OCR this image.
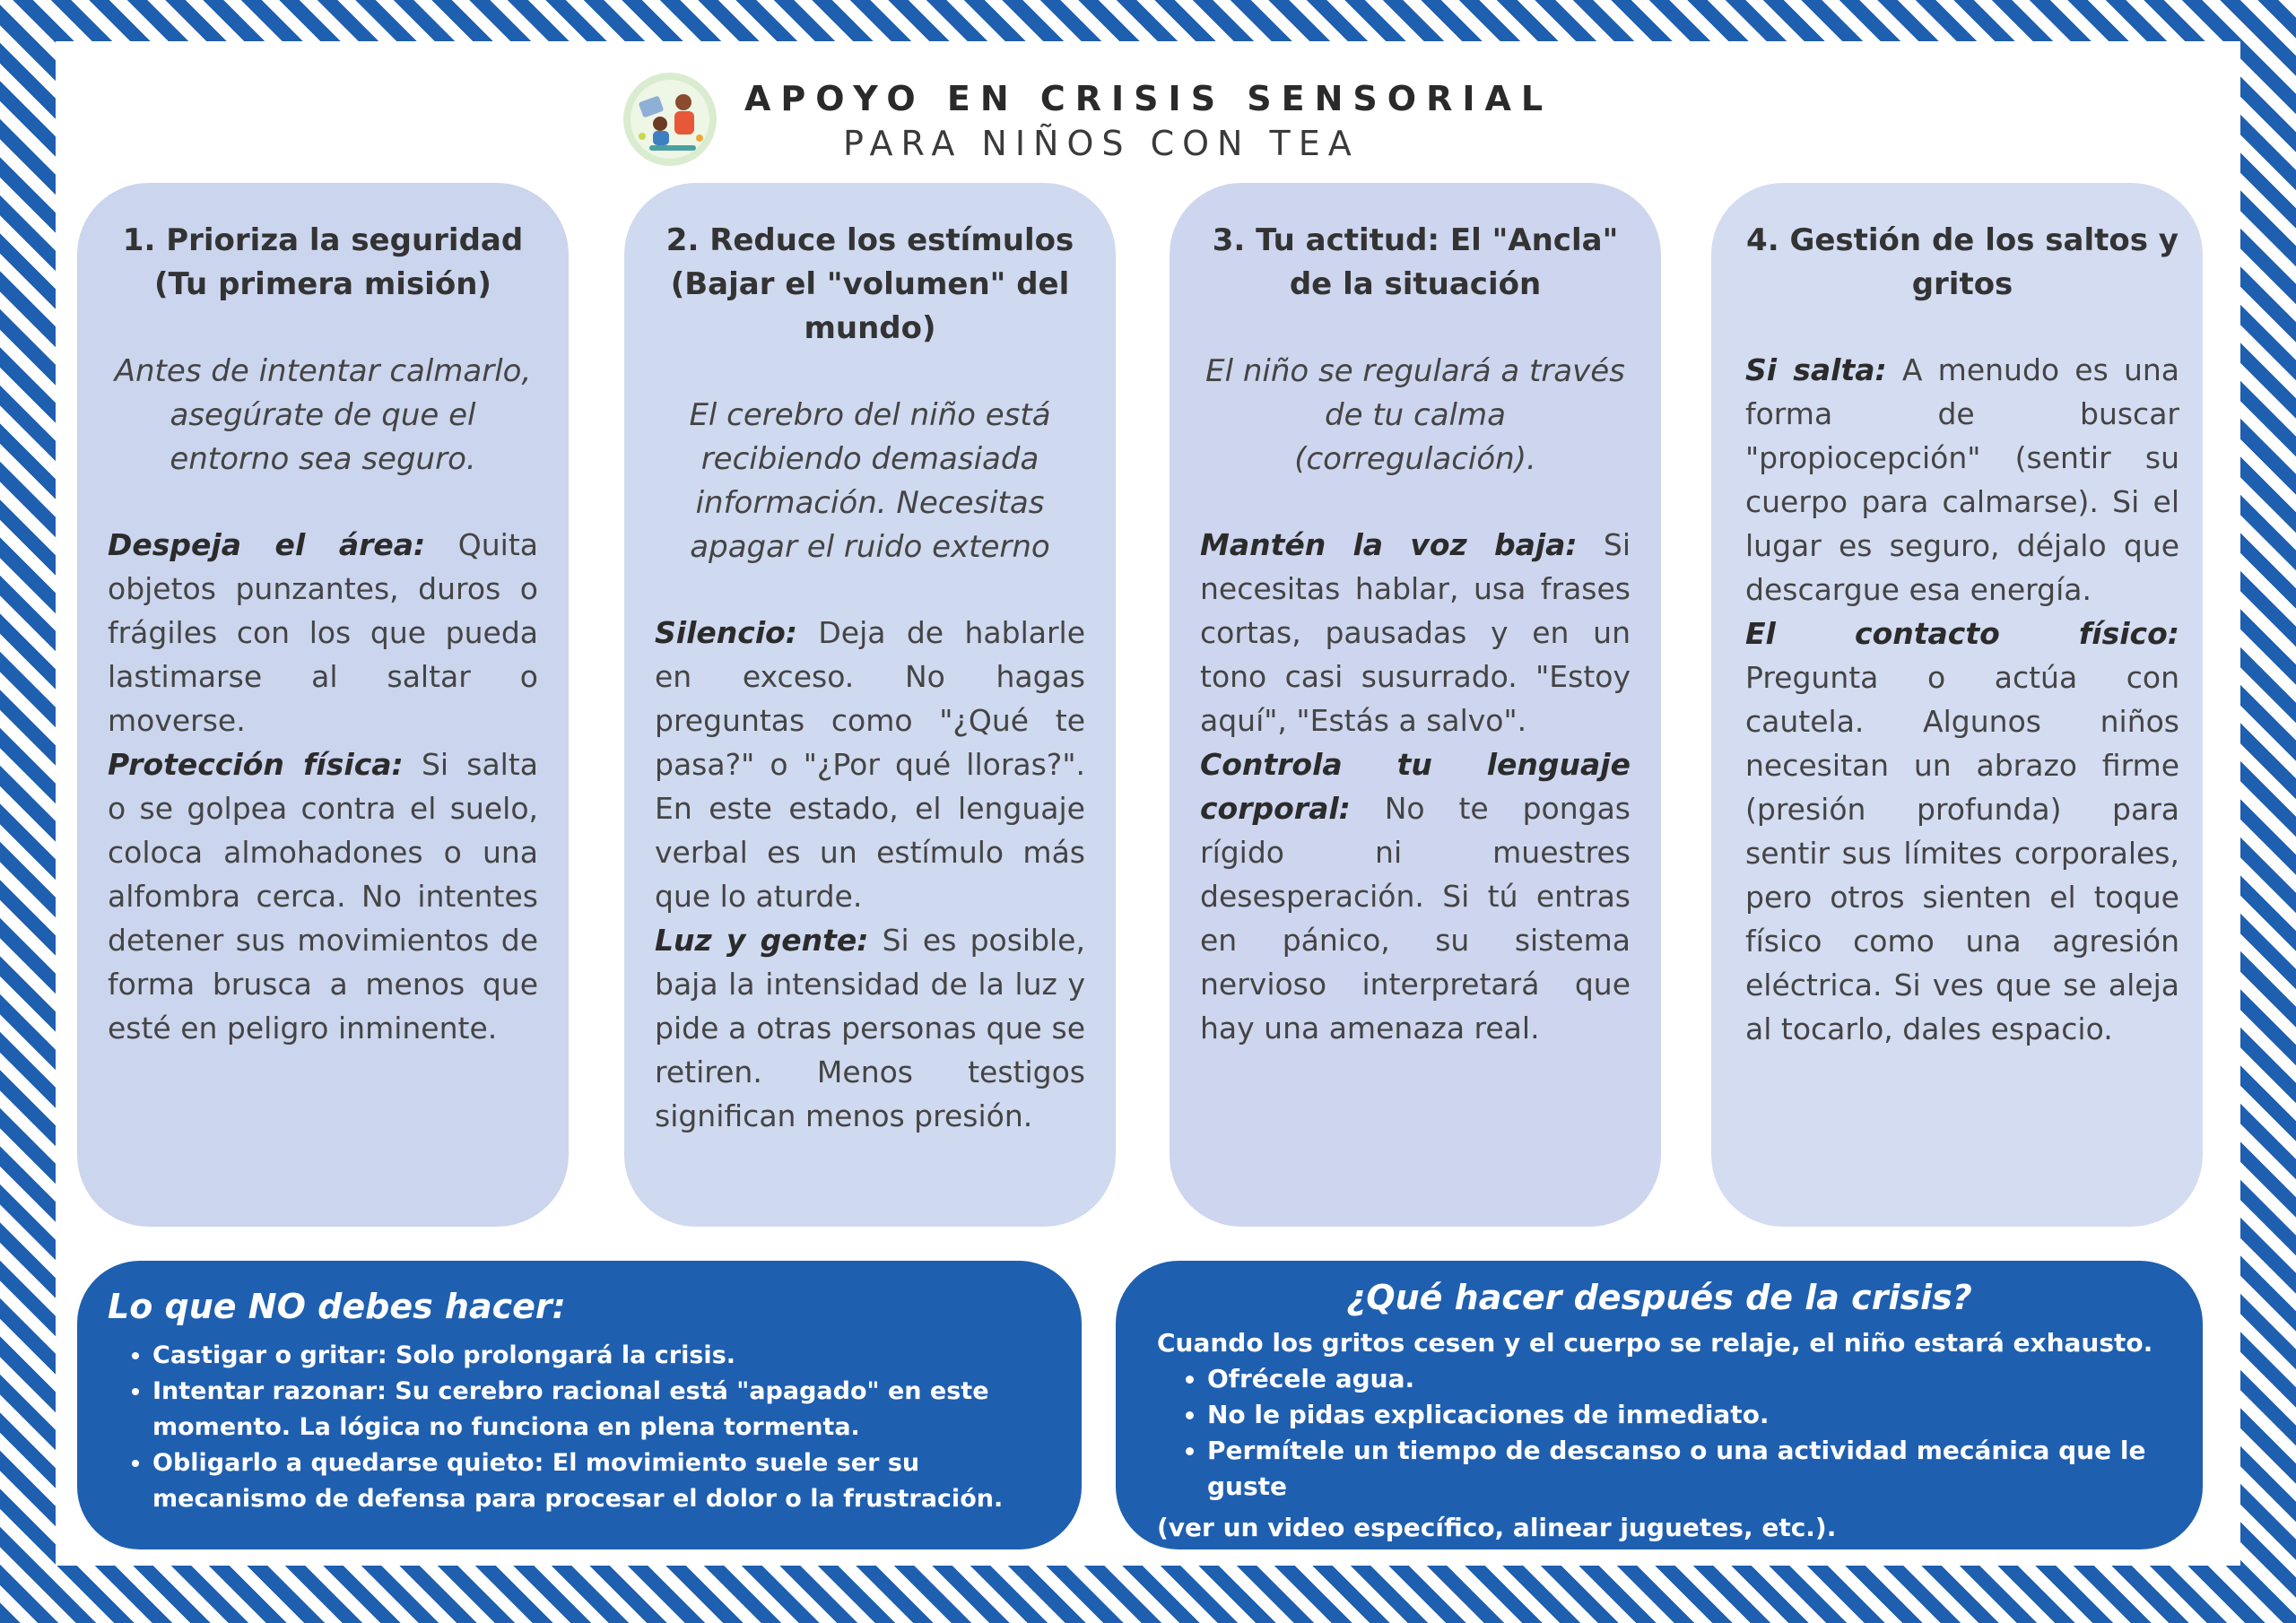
APOYO EN CRISIS SENSORIAL
PARA NIÑOS CON TEA
1. Prioriza la seguridad (Tu primera misión)
Antes de intentar calmarlo, asegúrate de que el entorno sea seguro.

Despeja el área: Quita objetos punzantes, duros o frágiles con los que pueda lastimarse al saltar o moverse.

Protección física: Si salta o se golpea contra el suelo, coloca almohadones o una alfombra cerca. No intentes detener sus movimientos de forma brusca a menos que esté en peligro inminente.

2. Reduce los estímulos (Bajar el "volumen" del mundo)
El cerebro del niño está recibiendo demasiada información. Necesitas apagar el ruido externo

Silencio: Deja de hablarle en exceso. No hagas preguntas como "¿Qué te pasa?" o "¿Por qué lloras?". En este estado, el lenguaje verbal es un estímulo más que lo aturde.

Luz y gente: Si es posible, baja la intensidad de la luz y pide a otras personas que se retiren. Menos testigos significan menos presión.

3. Tu actitud: El "Ancla" de la situación
El niño se regulará a través de tu calma (corregulación).

Mantén la voz baja: Si necesitas hablar, usa frases cortas, pausadas y en un tono casi susurrado. "Estoy aquí", "Estás a salvo".

Controla tu lenguaje corporal: No te pongas rígido ni muestres desesperación. Si tú entras en pánico, su sistema nervioso interpretará que hay una amenaza real.

4. Gestión de los saltos y gritos

Si salta: A menudo es una forma de buscar "propiocepción" (sentir su cuerpo para calmarse). Si el lugar es seguro, déjalo que descargue esa energía.

El contacto físico: Pregunta o actúa con cautela. Algunos niños necesitan un abrazo firme (presión profunda) para sentir sus límites corporales, pero otros sienten el toque físico como una agresión eléctrica. Si ves que se aleja al tocarlo, dales espacio.

Lo que NO debes hacer:
• Castigar o gritar: Solo prolongará la crisis.
• Intentar razonar: Su cerebro racional está "apagado" en este momento. La lógica no funciona en plena tormenta.
• Obligarlo a quedarse quieto: El movimiento suele ser su mecanismo de defensa para procesar el dolor o la frustración.
¿Qué hacer después de la crisis?
Cuando los gritos cesen y el cuerpo se relaje, el niño estará exhausto.
• Ofrécele agua.
• No le pidas explicaciones de inmediato.
• Permítele un tiempo de descanso o una actividad mecánica que le guste
(ver un video específico, alinear juguetes, etc.).
